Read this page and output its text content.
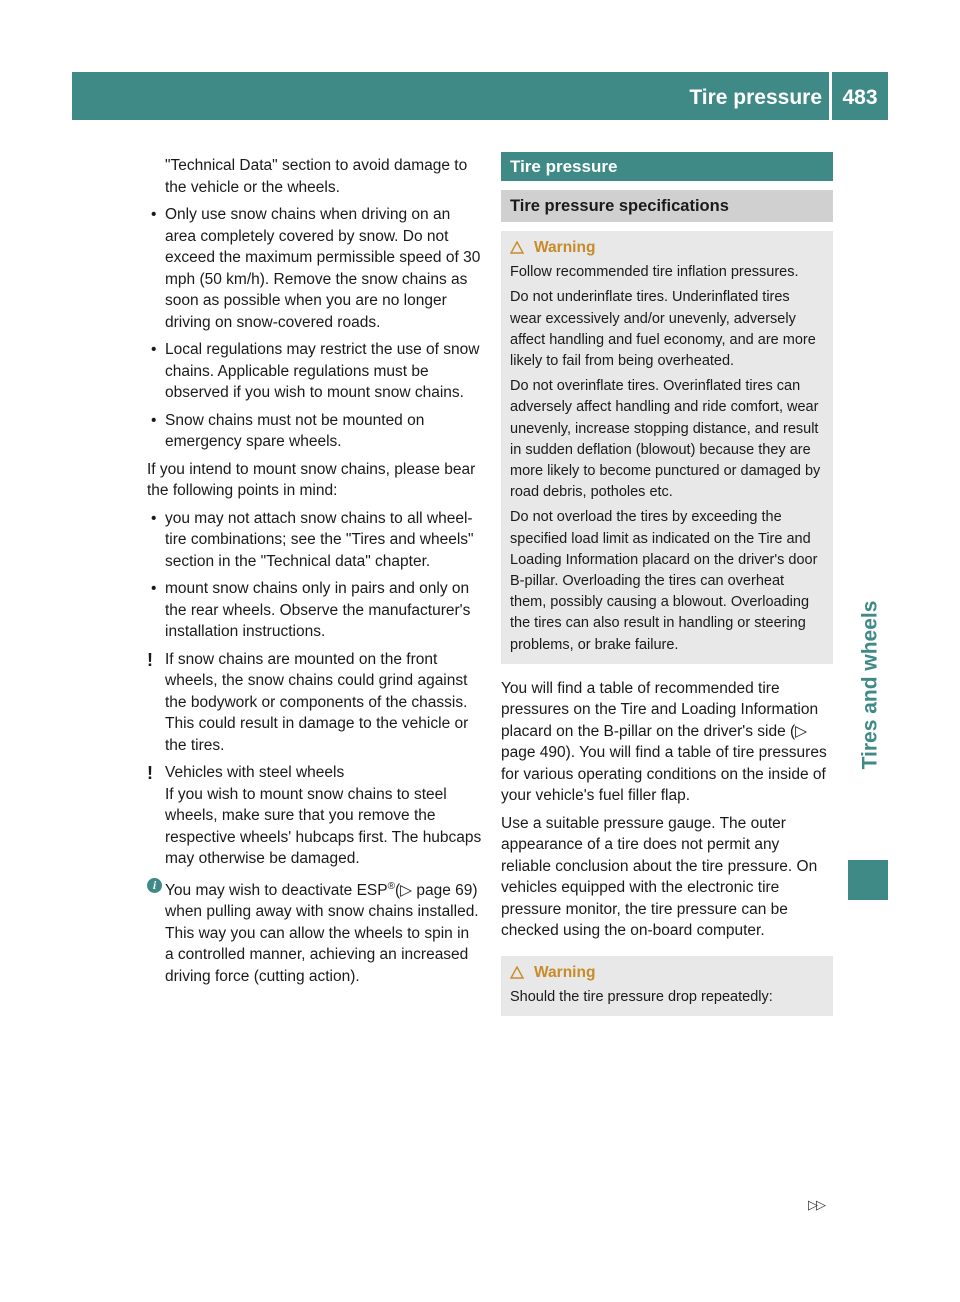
Tire pressure 483
Tires and wheels

"Technical Data" section to avoid damage to the vehicle or the wheels.

• Only use snow chains when driving on an area completely covered by snow. Do not exceed the maximum permissible speed of 30 mph (50 km/h). Remove the snow chains as soon as possible when you are no longer driving on snow-covered roads.

• Local regulations may restrict the use of snow chains. Applicable regulations must be observed if you wish to mount snow chains.

• Snow chains must not be mounted on emergency spare wheels.

If you intend to mount snow chains, please bear the following points in mind:

• you may not attach snow chains to all wheel-tire combinations; see the "Tires and wheels" section in the "Technical data" chapter.

• mount snow chains only in pairs and only on the rear wheels. Observe the manufacturer's installation instructions.

! If snow chains are mounted on the front wheels, the snow chains could grind against the bodywork or components of the chassis. This could result in damage to the vehicle or the tires.

! Vehicles with steel wheels

If you wish to mount snow chains to steel wheels, make sure that you remove the respective wheels' hubcaps first. The hubcaps may otherwise be damaged.

i You may wish to deactivate ESP®(▷ page 69) when pulling away with snow chains installed. This way you can allow the wheels to spin in a controlled manner, achieving an increased driving force (cutting action).

Tire pressure
Tire pressure specifications
Warning

Follow recommended tire inflation pressures.

Do not underinflate tires. Underinflated tires wear excessively and/or unevenly, adversely affect handling and fuel economy, and are more likely to fail from being overheated.

Do not overinflate tires. Overinflated tires can adversely affect handling and ride comfort, wear unevenly, increase stopping distance, and result in sudden deflation (blowout) because they are more likely to become punctured or damaged by road debris, potholes etc.

Do not overload the tires by exceeding the specified load limit as indicated on the Tire and Loading Information placard on the driver's door B-pillar. Overloading the tires can overheat them, possibly causing a blowout. Overloading the tires can also result in handling or steering problems, or brake failure.

You will find a table of recommended tire pressures on the Tire and Loading Information placard on the B-pillar on the driver's side (▷ page 490). You will find a table of tire pressures for various operating conditions on the inside of your vehicle's fuel filler flap.

Use a suitable pressure gauge. The outer appearance of a tire does not permit any reliable conclusion about the tire pressure. On vehicles equipped with the electronic tire pressure monitor, the tire pressure can be checked using the on-board computer.

Warning

Should the tire pressure drop repeatedly:

▷▷
